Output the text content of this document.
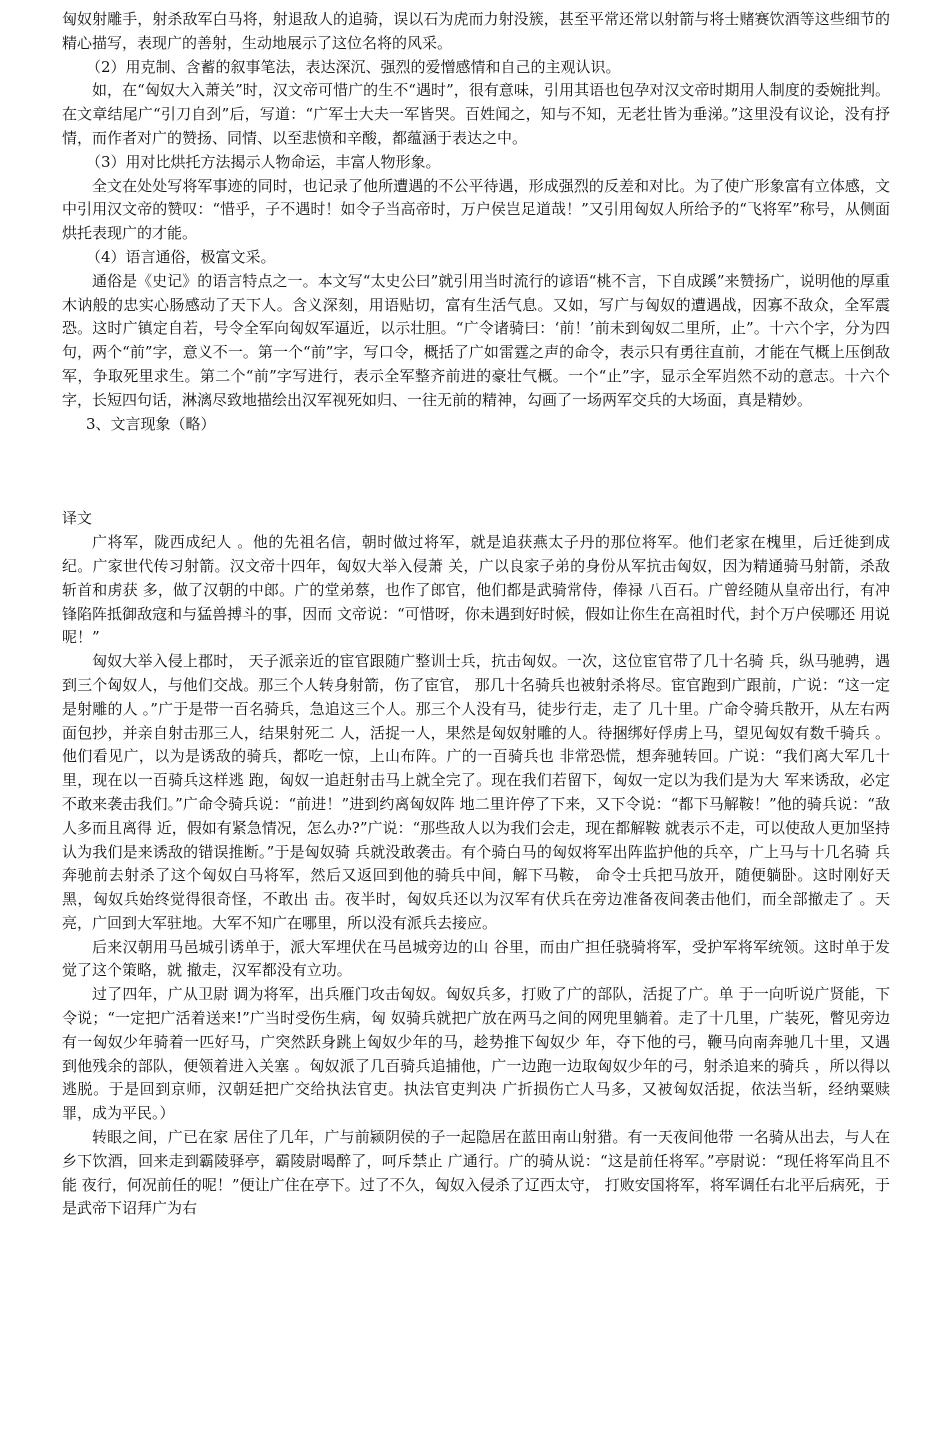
匈奴射雕手，射杀敌军白马将，射退敌人的追骑，误以石为虎而力射没簇，甚至平常还常以射箭与将士赌赛饮酒等这些细节的精心描写，表现广的善射，生动地展示了这位名将的风采。

（2）用克制、含蓄的叙事笔法，表达深沉、强烈的爱憎感情和自己的主观认识。

如，在“匈奴大入萧关”时，汉文帝可惜广的生不“遇时”，很有意味，引用其语也包孕对汉文帝时期用人制度的委婉批判。在文章结尾广“引刀自刭”后，写道：“广军士大夫一军皆哭。百姓闻之，知与不知，无老壮皆为垂涕。”这里没有议论，没有抒情，而作者对广的赞扬、同情、以至悲愤和辛酸，都蕴涵于表达之中。

（3）用对比烘托方法揭示人物命运，丰富人物形象。

全文在处处写将军事迹的同时，也记录了他所遭遇的不公平待遇，形成强烈的反差和对比。为了使广形象富有立体感，文中引用汉文帝的赞叹：“惜乎，子不遇时！如令子当高帝时，万户侯岂足道哉！”又引用匈奴人所给予的“飞将军”称号，从侧面烘托表现广的才能。

（4）语言通俗，极富文采。

通俗是《史记》的语言特点之一。本文写“太史公曰”就引用当时流行的谚语“桃不言，下自成蹊”来赞扬广，说明他的厚重木讷般的忠实心肠感动了天下人。含义深刻，用语贴切，富有生活气息。又如，写广与匈奴的遭遇战，因寡不敌众，全军震恐。这时广镇定自若，号令全军向匈奴军逼近，以示壮胆。“广令诸骑曰：‘前！’前未到匈奴二里所，止”。十六个字，分为四句，两个“前”字，意义不一。第一个“前”字，写口令，概括了广如雷霆之声的命令，表示只有勇往直前，才能在气概上压倒敌军，争取死里求生。第二个“前”字写进行，表示全军整齐前进的豪壮气概。一个“止”字，显示全军岿然不动的意志。十六个字，长短四句话，淋漓尽致地描绘出汉军视死如归、一往无前的精神，勾画了一场两军交兵的大场面，真是精妙。

3、文言现象（略）

译文

广将军，陇西成纪人 。他的先祖名信，朝时做过将军，就是追获燕太子丹的那位将军。他们老家在槐里，后迁徙到成纪。广家世代传习射箭。汉文帝十四年，匈奴大举入侵萧 关，广以良家子弟的身份从军抗击匈奴，因为精通骑马射箭，杀敌斩首和虏获 多，做了汉朝的中郎。广的堂弟蔡，也作了郎官，他们都是武骑常侍，俸禄 八百石。广曾经随从皇帝出行，有冲锋陷阵抵御敌寇和与猛兽搏斗的事，因而 文帝说：“可惜呀，你未遇到好时候，假如让你生在高祖时代，封个万户侯哪还 用说呢！”

匈奴大举入侵上郡时， 天子派亲近的宦官跟随广整训士兵，抗击匈奴。一次，这位宦官带了几十名骑 兵，纵马驰骋，遇到三个匈奴人，与他们交战。那三个人转身射箭，伤了宦官， 那几十名骑兵也被射杀将尽。宦官跑到广跟前，广说：“这一定是射雕的人 。”广于是带一百名骑兵，急追这三个人。那三个人没有马，徒步行走，走了 几十里。广命令骑兵散开，从左右两面包抄，并亲自射击那三人，结果射死二 人，活捉一人，果然是匈奴射雕的人。待捆绑好俘虏上马，望见匈奴有数千骑兵 。他们看见广，以为是诱敌的骑兵，都吃一惊，上山布阵。广的一百骑兵也 非常恐慌，想奔驰转回。广说：“我们离大军几十里，现在以一百骑兵这样逃 跑，匈奴一追赶射击马上就全完了。现在我们若留下，匈奴一定以为我们是为大 军来诱敌，必定不敢来袭击我们。”广命令骑兵说：“前进！”进到约离匈奴阵 地二里许停了下来，又下令说：“都下马解鞍！”他的骑兵说：“敌人多而且离得 近，假如有紧急情况，怎么办?”广说：“那些敌人以为我们会走，现在都解鞍 就表示不走，可以使敌人更加坚持认为我们是来诱敌的错误推断。”于是匈奴骑 兵就没敢袭击。有个骑白马的匈奴将军出阵监护他的兵卒，广上马与十几名骑 兵奔驰前去射杀了这个匈奴白马将军，然后又返回到他的骑兵中间，解下马鞍， 命令士兵把马放开，随便躺卧。这时刚好天黑，匈奴兵始终觉得很奇怪，不敢出 击。夜半时，匈奴兵还以为汉军有伏兵在旁边准备夜间袭击他们，而全部撤走了 。天亮，广回到大军驻地。大军不知广在哪里，所以没有派兵去接应。

后来汉朝用马邑城引诱单于，派大军埋伏在马邑城旁边的山 谷里，而由广担任骁骑将军，受护军将军统领。这时单于发觉了这个策略，就 撤走，汉军都没有立功。

过了四年，广从卫尉 调为将军，出兵雁门攻击匈奴。匈奴兵多，打败了广的部队，活捉了广。单 于一向听说广贤能，下令说；“一定把广活着送来!”广当时受伤生病，匈 奴骑兵就把广放在两马之间的网兜里躺着。走了十几里，广装死，瞥见旁边 有一匈奴少年骑着一匹好马，广突然跃身跳上匈奴少年的马，趁势推下匈奴少 年，夺下他的弓，鞭马向南奔驰几十里，又遇到他残余的部队，便领着进入关塞 。匈奴派了几百骑兵追捕他，广一边跑一边取匈奴少年的弓，射杀追来的骑兵 ，所以得以逃脱。于是回到京师，汉朝廷把广交给执法官吏。执法官吏判决 广折损伤亡人马多，又被匈奴活捉，依法当斩，经纳粟赎罪，成为平民。）

转眼之间，广已在家 居住了几年，广与前颍阴侯的子一起隐居在蓝田南山射猎。有一天夜间他带 一名骑从出去，与人在乡下饮酒，回来走到霸陵驿亭，霸陵尉喝醉了，呵斥禁止 广通行。广的骑从说：“这是前任将军。”亭尉说：“现任将军尚且不能 夜行，何况前任的呢！”便让广住在亭下。过了不久，匈奴入侵杀了辽西太守， 打败安国将军，将军调任右北平后病死，于是武帝下诏拜广为右
